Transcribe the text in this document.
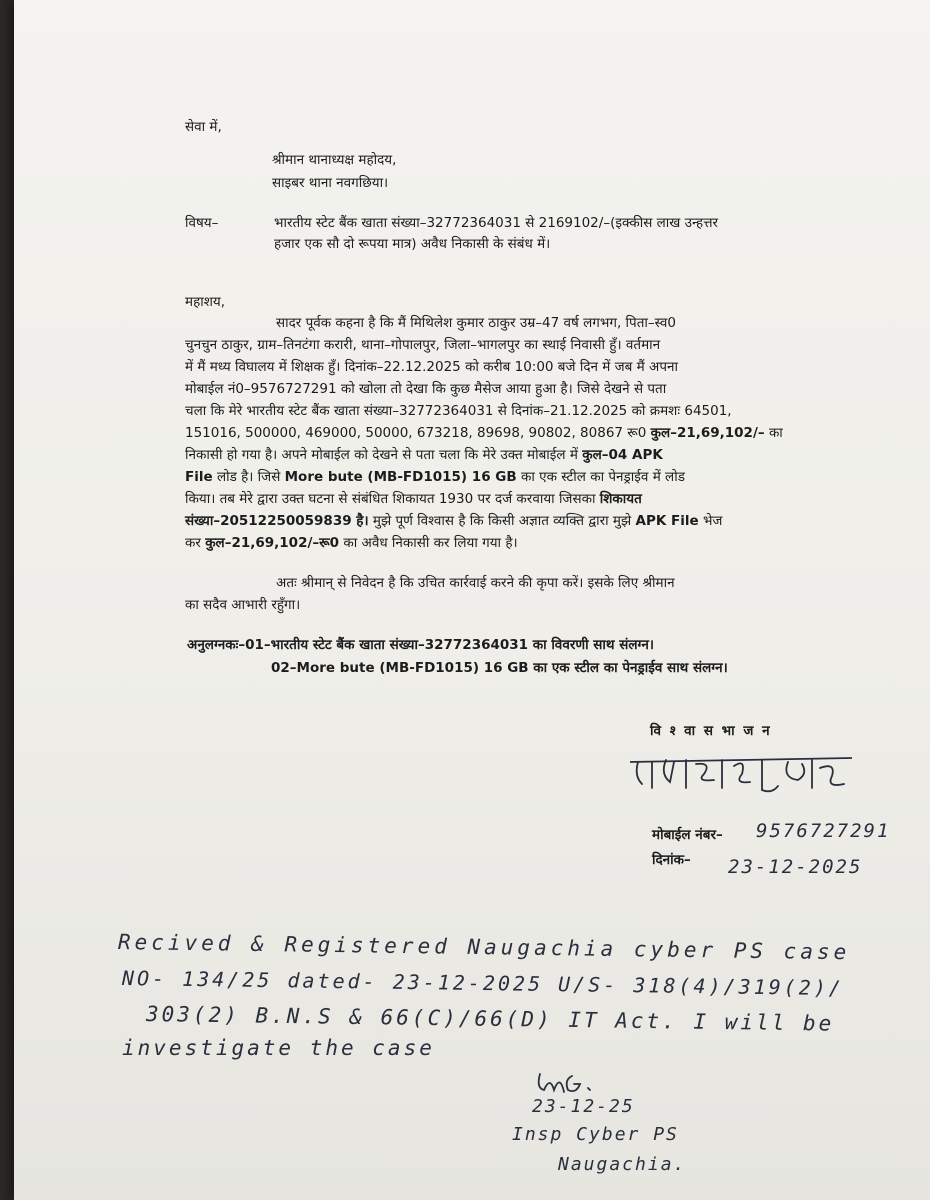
सेवा में,
श्रीमान थानाध्यक्ष महोदय,
साइबर थाना नवगछिया।
विषय–	भारतीय स्टेट बैंक खाता संख्या–32772364031 से 2169102/–(इक्कीस लाख उन्हत्तर
हजार एक सौ दो रूपया मात्र) अवैध निकासी के संबंध में।
महाशय,
सादर पूर्वक कहना है कि मैं मिथिलेश कुमार ठाकुर उम्र–47 वर्ष लगभग, पिता–स्व0
चुनचुन ठाकुर, ग्राम–तिनटंगा करारी, थाना–गोपालपुर, जिला–भागलपुर का स्थाई निवासी हुँ। वर्तमान
में मैं मध्य विघालय में शिक्षक हुँ। दिनांक–22.12.2025 को करीब 10:00 बजे दिन में जब मैं अपना
मोबाईल नं0–9576727291 को खोला तो देखा कि कुछ मैसेज आया हुआ है। जिसे देखने से पता
चला कि मेरे भारतीय स्टेट बैंक खाता संख्या–32772364031 से दिनांक–21.12.2025 को क्रमशः 64501,
151016, 500000, 469000, 50000, 673218, 89698, 90802, 80867 रू0 कुल–21,69,102/– का
निकासी हो गया है। अपने मोबाईल को देखने से पता चला कि मेरे उक्त मोबाईल में कुल–04 APK
File लोड है। जिसे More bute (MB-FD1015) 16 GB का एक स्टील का पेनड्राईव में लोड
किया। तब मेरे द्वारा उक्त घटना से संबंधित शिकायत 1930 पर दर्ज करवाया जिसका शिकायत
संख्या–20512250059839 है। मुझे पूर्ण विश्वास है कि किसी अज्ञात व्यक्ति द्वारा मुझे APK File भेज
कर कुल–21,69,102/–रू0 का अवैध निकासी कर लिया गया है।
अतः श्रीमान् से निवेदन है कि उचित कार्रवाई करने की कृपा करें। इसके लिए श्रीमान
का सदैव आभारी रहुँगा।
अनुलग्नकः–01–भारतीय स्टेट बैंक खाता संख्या–32772364031 का विवरणी साथ संलग्न।
02–More bute (MB-FD1015) 16 GB का एक स्टील का पेनड्राईव साथ संलग्न।
वि श्‍ वा स भा ज न
मोबाईल नंबर– 9576727291
दिनांक– 23-12-2025
Recived & Registered Naugachia cyber PS case
NO- 134/25 dated- 23-12-2025 U/S- 318(4)/319(2)/
303(2) B.N.S & 66(C)/66(D) IT Act. I will be
investigate the case
23-12-25
Insp Cyber PS
Naugachia.
